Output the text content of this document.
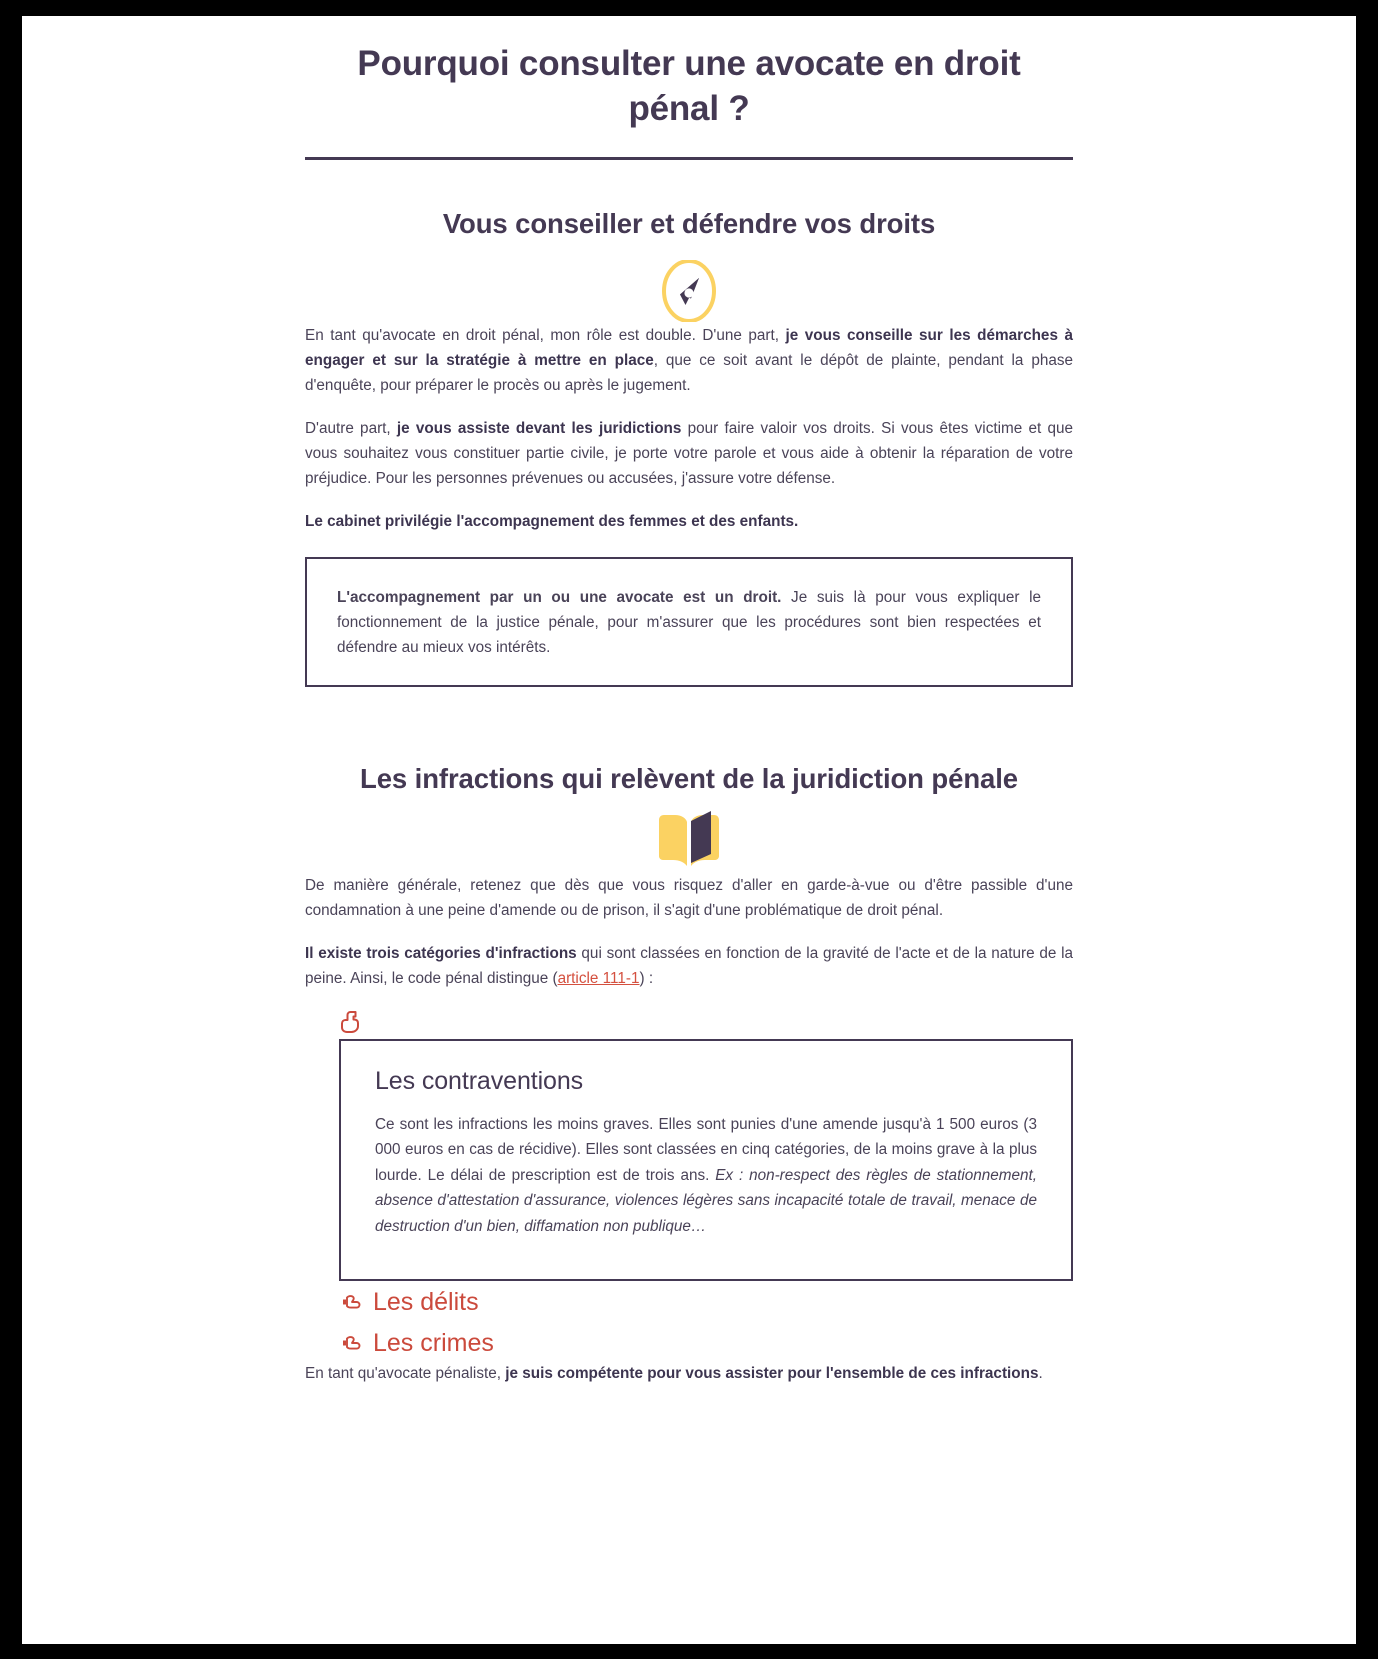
Pourquoi consulter une avocate en droit pénal ?
Vous conseiller et défendre vos droits

En tant qu'avocate en droit pénal, mon rôle est double. D'une part, je vous conseille sur les démarches à engager et sur la stratégie à mettre en place, que ce soit avant le dépôt de plainte, pendant la phase d'enquête, pour préparer le procès ou après le jugement.

D'autre part, je vous assiste devant les juridictions pour faire valoir vos droits. Si vous êtes victime et que vous souhaitez vous constituer partie civile, je porte votre parole et vous aide à obtenir la réparation de votre préjudice. Pour les personnes prévenues ou accusées, j'assure votre défense.

Le cabinet privilégie l'accompagnement des femmes et des enfants.

L'accompagnement par un ou une avocate est un droit. Je suis là pour vous expliquer le fonctionnement de la justice pénale, pour m'assurer que les procédures sont bien respectées et défendre au mieux vos intérêts.

Les infractions qui relèvent de la juridiction pénale

De manière générale, retenez que dès que vous risquez d'aller en garde-à-vue ou d'être passible d'une condamnation à une peine d'amende ou de prison, il s'agit d'une problématique de droit pénal.

Il existe trois catégories d'infractions qui sont classées en fonction de la gravité de l'acte et de la nature de la peine. Ainsi, le code pénal distingue (article 111-1) :

Les contraventions

Ce sont les infractions les moins graves. Elles sont punies d'une amende jusqu'à 1 500 euros (3 000 euros en cas de récidive). Elles sont classées en cinq catégories, de la moins grave à la plus lourde. Le délai de prescription est de trois ans. Ex : non-respect des règles de stationnement, absence d'attestation d'assurance, violences légères sans incapacité totale de travail, menace de destruction d'un bien, diffamation non publique…

Les délits
Les crimes

En tant qu'avocate pénaliste, je suis compétente pour vous assister pour l'ensemble de ces infractions.
